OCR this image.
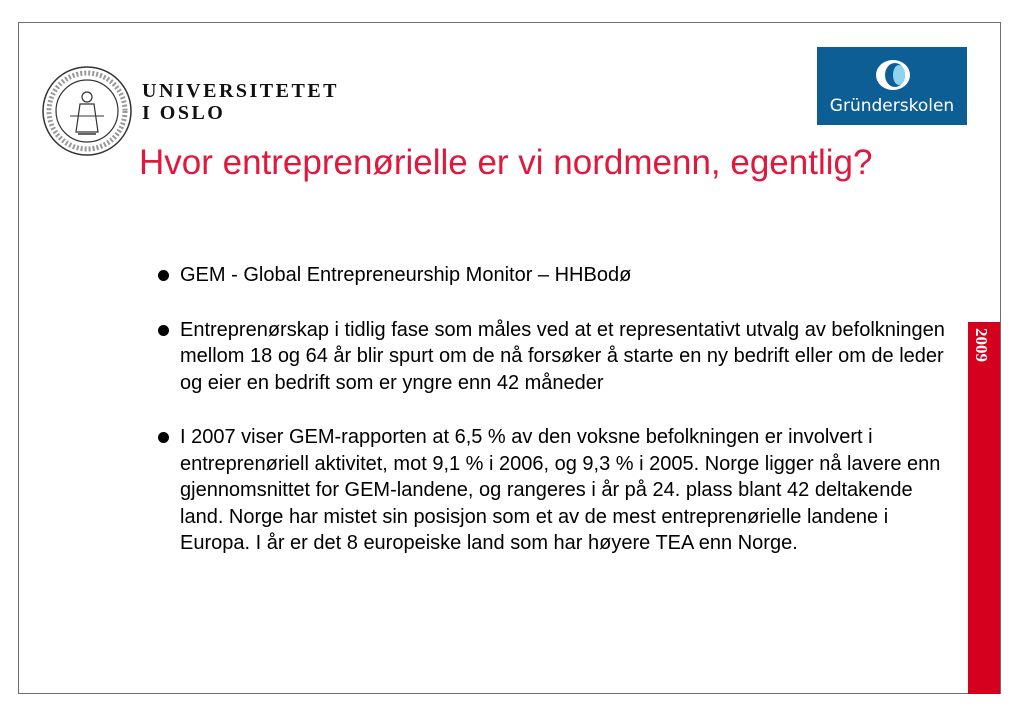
UNIVERSITETET
I OSLO	Gründerskolen
Hvor entreprenørielle er vi nordmenn, egentlig?
GEM - Global Entrepreneurship Monitor – HHBodø
Entreprenørskap i tidlig fase som måles ved at et representativt utvalg av befolkningen mellom 18 og 64 år blir spurt om de nå forsøker å starte en ny bedrift eller om de leder og eier en bedrift som er yngre enn 42 måneder
I 2007 viser GEM-rapporten at 6,5 % av den voksne befolkningen er involvert i entreprenøriell aktivitet, mot 9,1 % i 2006, og 9,3 % i 2005. Norge ligger nå lavere enn gjennomsnittet for GEM-landene, og rangeres i år på 24. plass blant 42 deltakende land. Norge har mistet sin posisjon som et av de mest entreprenørielle landene i Europa. I år er det 8 europeiske land som har høyere TEA enn Norge.
2009
